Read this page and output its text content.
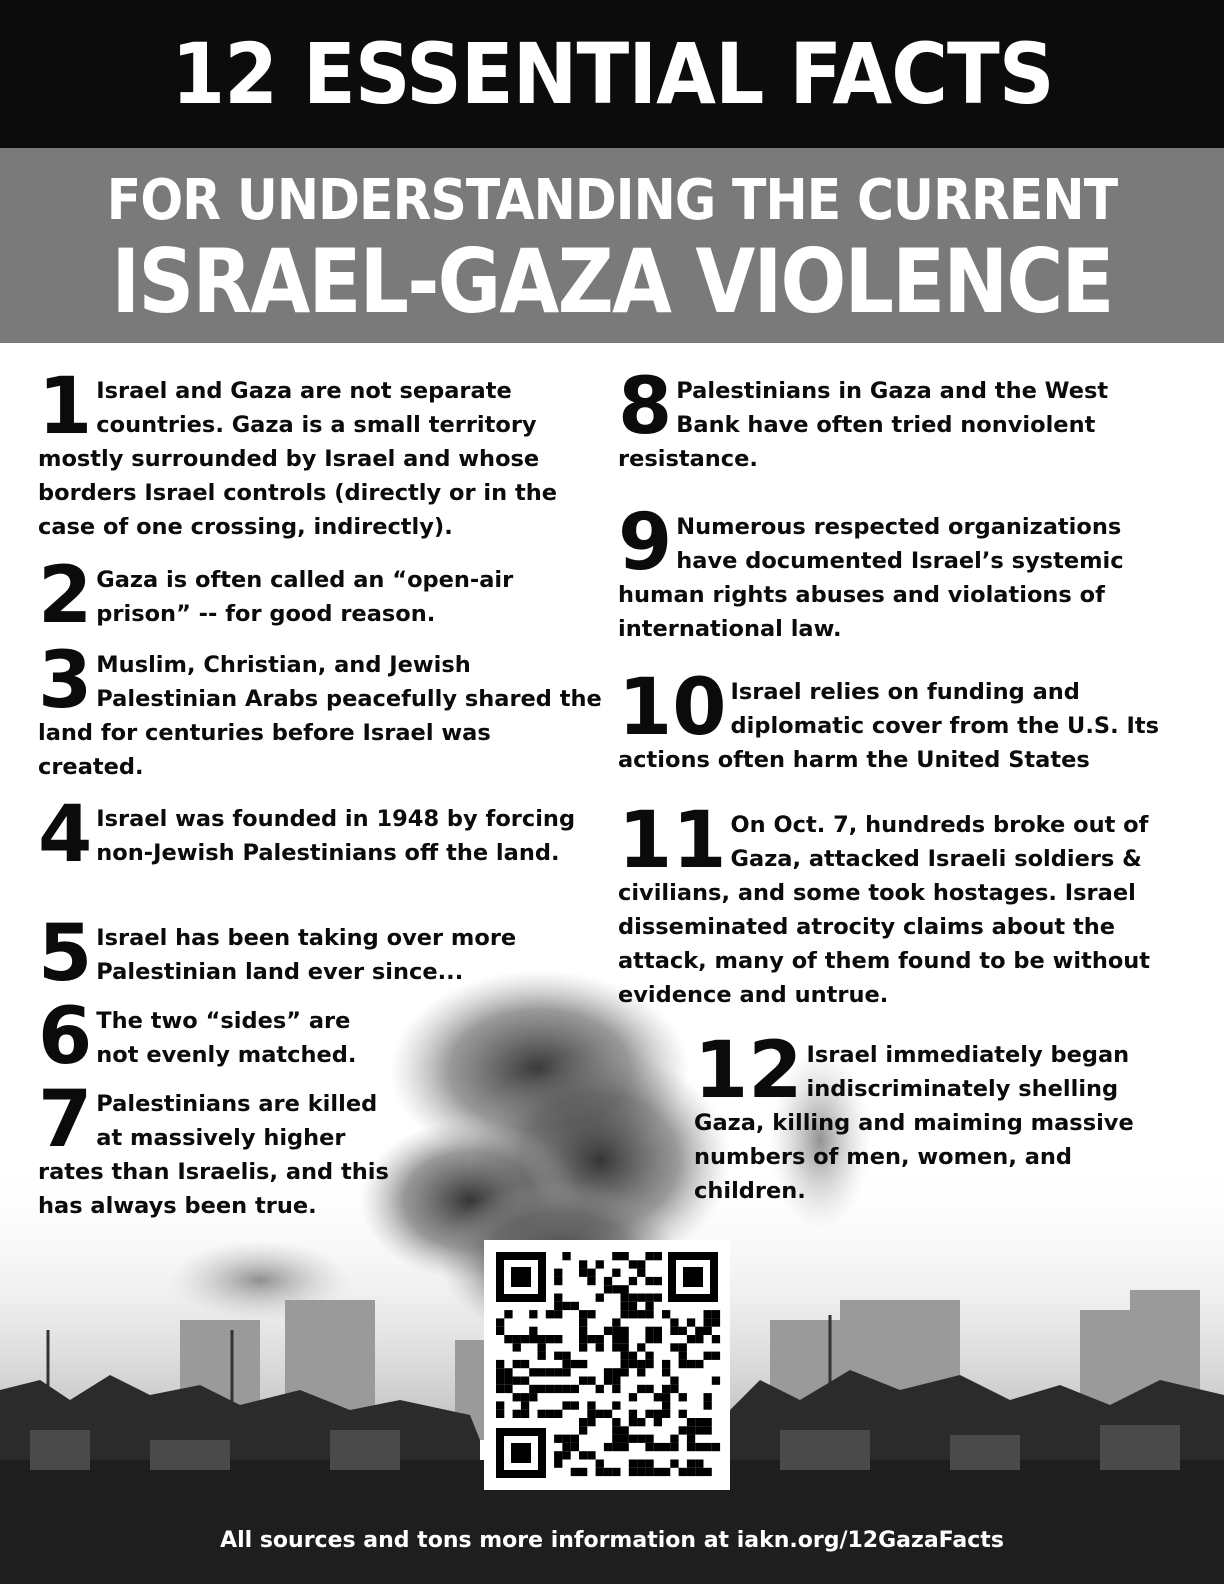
12 ESSENTIAL FACTS
FOR UNDERSTANDING THE CURRENT
ISRAEL-GAZA VIOLENCE
1 Israel and Gaza are not separate countries. Gaza is a small territory mostly surrounded by Israel and whose borders Israel controls (directly or in the case of one crossing, indirectly).

2 Gaza is often called an “open-air prison” -- for good reason.

3 Muslim, Christian, and Jewish Palestinian Arabs peacefully shared the land for centuries before Israel was created.

4 Israel was founded in 1948 by forcing non-Jewish Palestinians off the land.

5 Israel has been taking over more Palestinian land ever since...

6 The two “sides” are not evenly matched.

7 Palestinians are killed at massively higher rates than Israelis, and this has always been true.

8 Palestinians in Gaza and the West Bank have often tried nonviolent resistance.

9 Numerous respected organizations have documented Israel’s systemic human rights abuses and violations of international law.

10 Israel relies on funding and diplomatic cover from the U.S. Its actions often harm the United States

11 On Oct. 7, hundreds broke out of Gaza, attacked Israeli soldiers & civilians, and some took hostages. Israel disseminated atrocity claims about the attack, many of them found to be without evidence and untrue.

12 Israel immediately began indiscriminately shelling Gaza, killing and maiming massive numbers of men, women, and children.

All sources and tons more information at iakn.org/12GazaFacts
